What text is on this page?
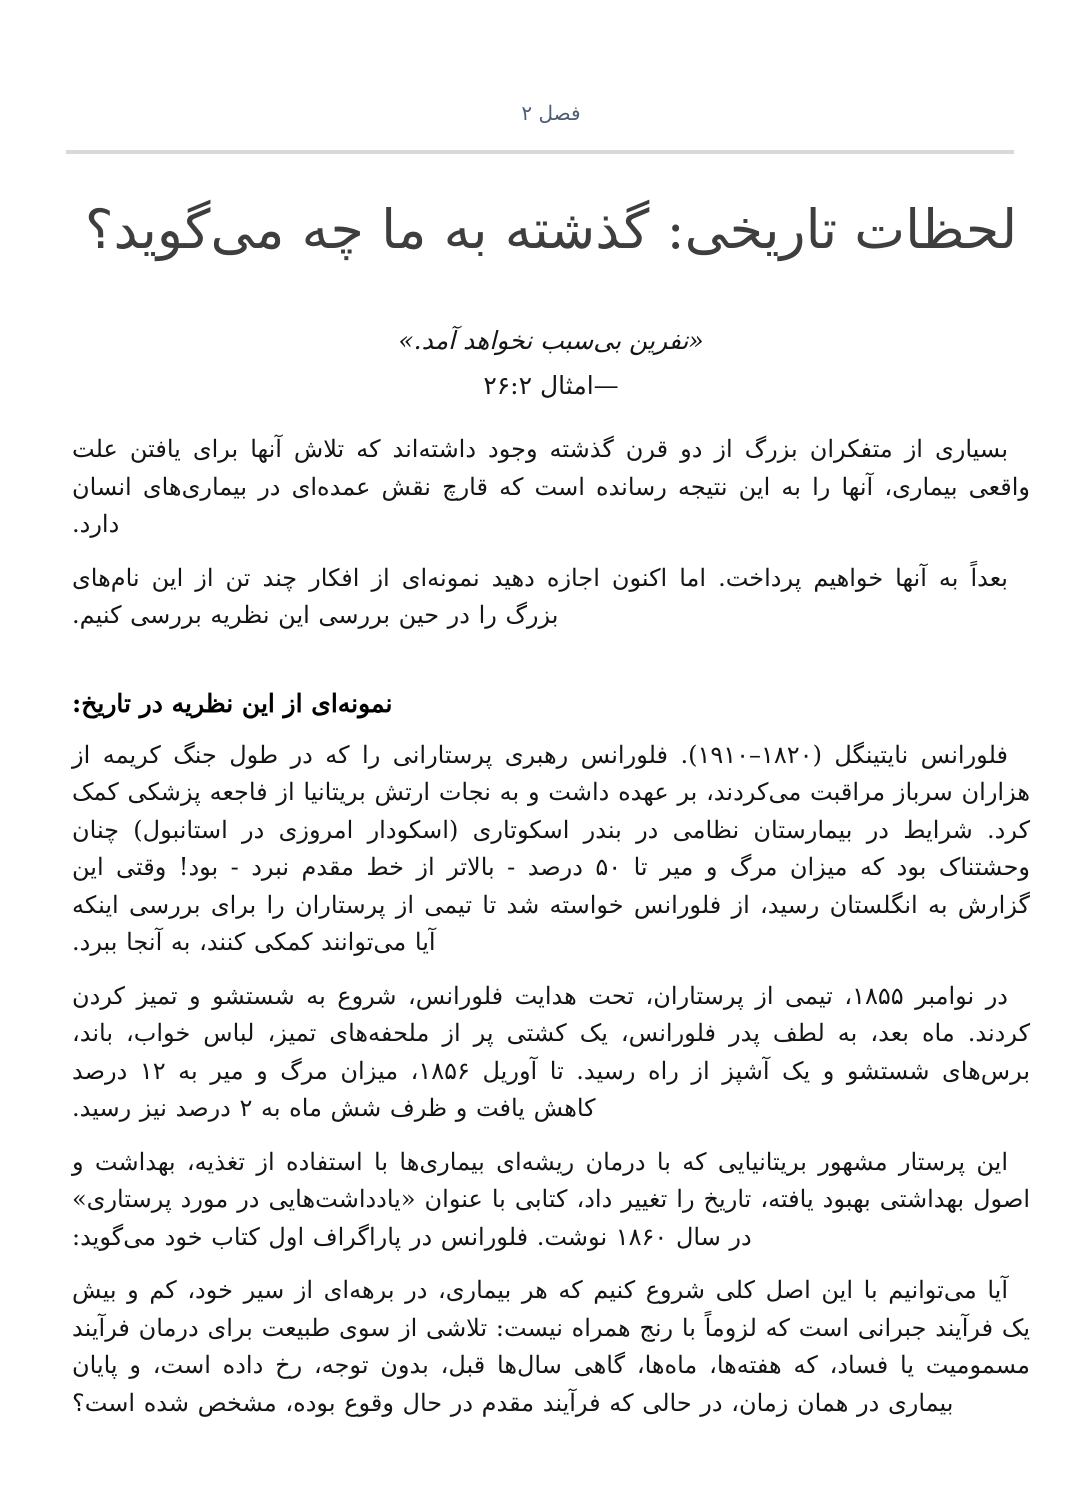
فصل ۲
لحظات تاریخی: گذشته به ما چه می‌گوید؟
«نفرین بی‌سبب نخواهد آمد.»
—امثال ۲۶:۲

بسیاری از متفکران بزرگ از دو قرن گذشته وجود داشته‌اند که تلاش آنها برای یافتن علت واقعی بیماری، آنها را به این نتیجه رسانده است که قارچ نقش عمده‌ای در بیماری‌های انسان دارد.

بعداً به آنها خواهیم پرداخت. اما اکنون اجازه دهید نمونه‌ای از افکار چند تن از این نام‌های بزرگ را در حین بررسی این نظریه بررسی کنیم.

نمونه‌ای از این نظریه در تاریخ:

فلورانس نایتینگل (۱۸۲۰–۱۹۱۰). فلورانس رهبری پرستارانی را که در طول جنگ کریمه از هزاران سرباز مراقبت می‌کردند، بر عهده داشت و به نجات ارتش بریتانیا از فاجعه پزشکی کمک کرد. شرایط در بیمارستان نظامی در بندر اسکوتاری (اسکودار امروزی در استانبول) چنان وحشتناک بود که میزان مرگ و میر تا ۵۰ درصد - بالاتر از خط مقدم نبرد - بود! وقتی این گزارش به انگلستان رسید، از فلورانس خواسته شد تا تیمی از پرستاران را برای بررسی اینکه آیا می‌توانند کمکی کنند، به آنجا ببرد.

در نوامبر ۱۸۵۵، تیمی از پرستاران، تحت هدایت فلورانس، شروع به شستشو و تمیز کردن کردند. ماه بعد، به لطف پدر فلورانس، یک کشتی پر از ملحفه‌های تمیز، لباس خواب، باند، برس‌های شستشو و یک آشپز از راه رسید. تا آوریل ۱۸۵۶، میزان مرگ و میر به ۱۲ درصد کاهش یافت و ظرف شش ماه به ۲ درصد نیز رسید.

این پرستار مشهور بریتانیایی که با درمان ریشه‌ای بیماری‌ها با استفاده از تغذیه، بهداشت و اصول بهداشتی بهبود یافته، تاریخ را تغییر داد، کتابی با عنوان «یادداشت‌هایی در مورد پرستاری» در سال ۱۸۶۰ نوشت. فلورانس در پاراگراف اول کتاب خود می‌گوید:

آیا می‌توانیم با این اصل کلی شروع کنیم که هر بیماری، در برهه‌ای از سیر خود، کم و بیش یک فرآیند جبرانی است که لزوماً با رنج همراه نیست: تلاشی از سوی طبیعت برای درمان فرآیند مسمومیت یا فساد، که هفته‌ها، ماه‌ها، گاهی سال‌ها قبل، بدون توجه، رخ داده است، و پایان بیماری در همان زمان، در حالی که فرآیند مقدم در حال وقوع بوده، مشخص شده است؟
